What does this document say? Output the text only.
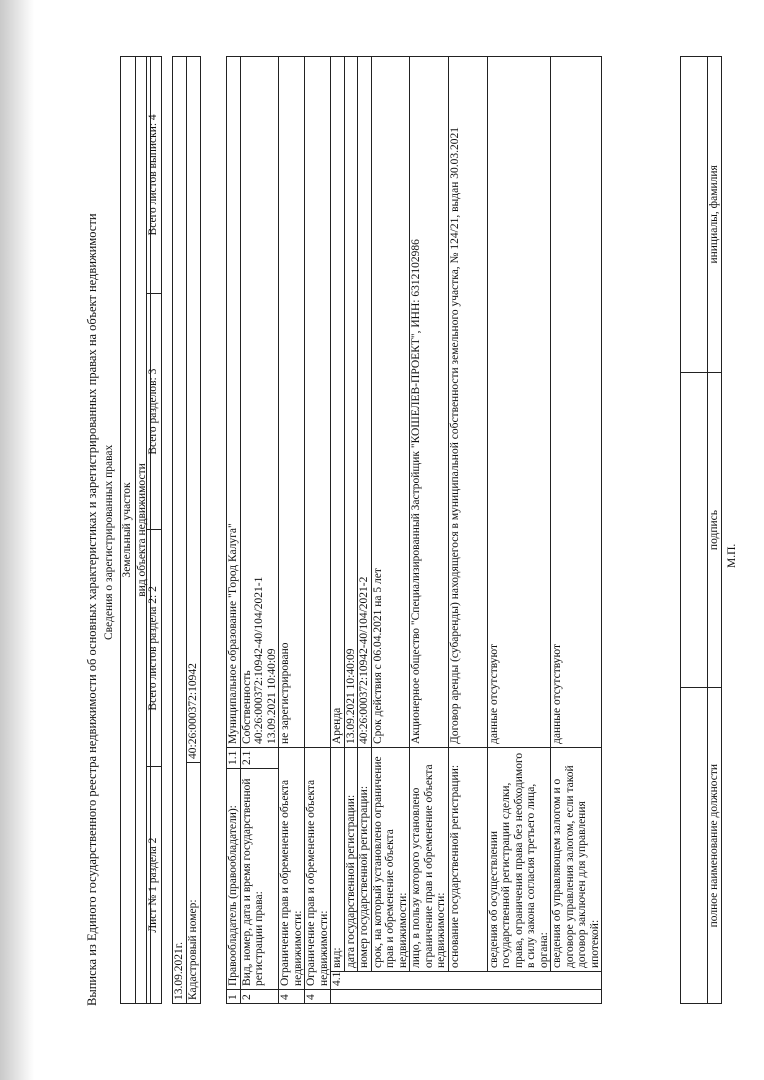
Выписка из Единого государственного реестра недвижимости об основных характеристиках и зарегистрированных правах на объект недвижимости Сведения о зарегистрированных правах Земельный участок
вид объекта недвижимости
Лист № 1 раздела 2	Всего листов раздела 2: 2	Всего разделов: 3	Всего листов выписки: 4
13.09.2021г.
Кадастровый номер:	40:26:000372:10942
1	Правообладатель (правообладатели):		1.1	Муниципальное образование "Город Калуга"
2	Вид, номер, дата и время государственной регистрации права:		2.1	Собственность 40:26:000372:10942-40/104/2021-1 13.09.2021 10:40:09

4	Ограничение прав и обременение объекта недвижимости:			не зарегистрировано
4	Ограничение прав и обременение объекта недвижимости:			
	4.1	вид:		Аренда
		дата государственной регистрации:		13.09.2021 10:40:09
		номер государственной регистрации:		40:26:000372:10942-40/104/2021-2
		срок, на который установлено ограничение прав и обременение объекта недвижимости:		Срок действия с 06.04.2021 на 5 лет
		лицо, в пользу которого установлено ограничение прав и обременение объекта недвижимости:		Акционерное общество "Специализированный Застройщик "КОШЕЛЕВ-ПРОЕКТ", ИНН: 6312102986
		основание государственной регистрации:		Договор аренды (субаренды) находящегося в муниципальной собственности земельного участка, № 124/21, выдан 30.03.2021
		сведения об осуществлении государственной регистрации сделки, права, ограничения права без необходимого в силу закона согласия третьего лица, органа:		данные отсутствуют
		сведения об управляющем залогом и о договоре управления залогом, если такой договор заключен для управления ипотекой:		данные отсутствуют

полное наименование должности	подпись	инициалы, фамилия
М.П.
